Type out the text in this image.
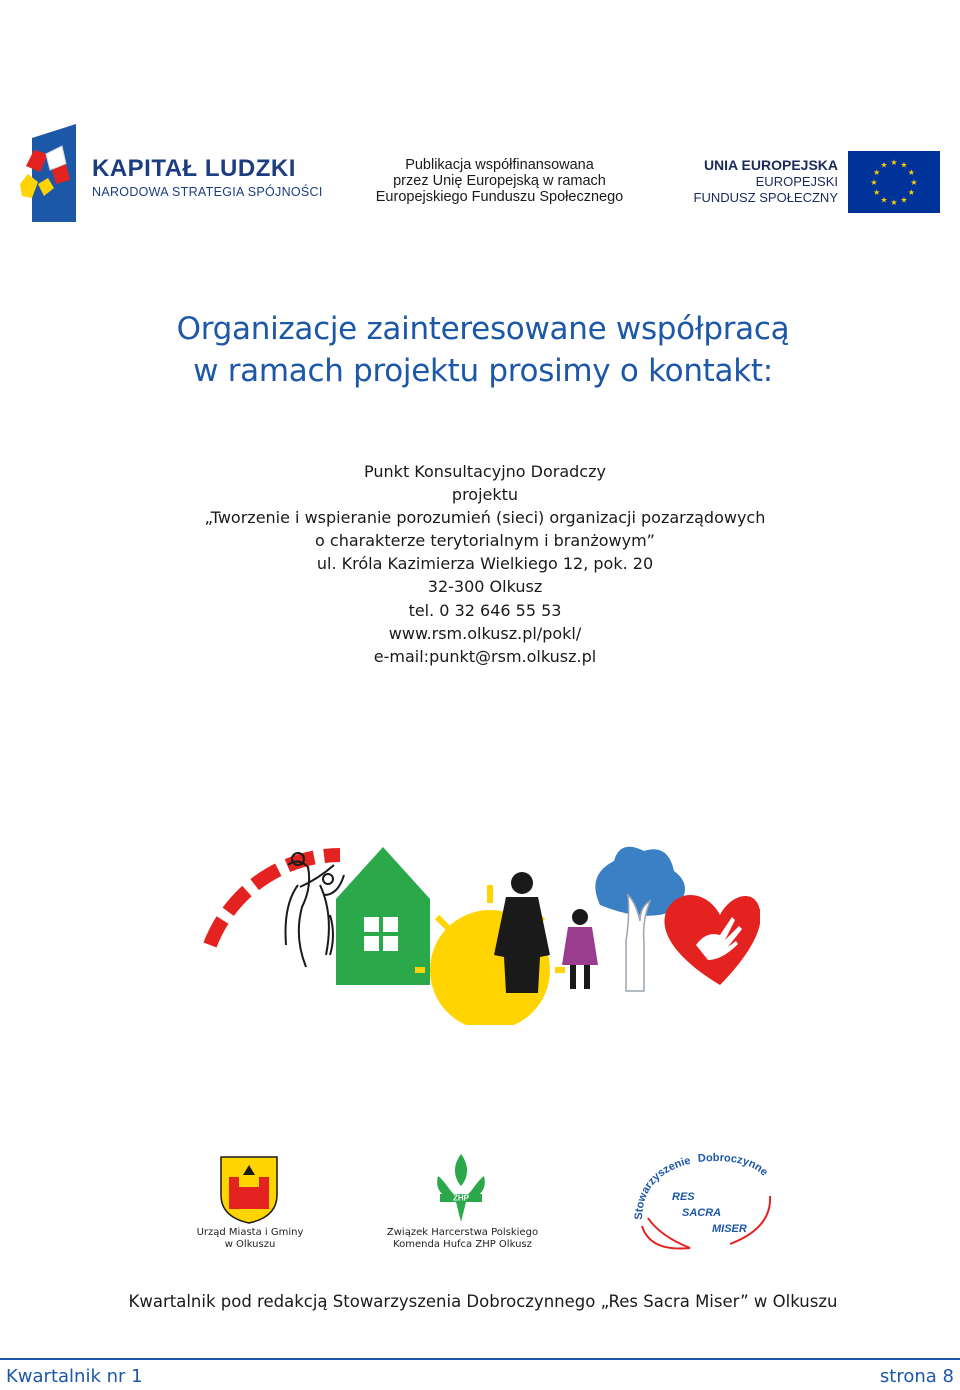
KAPITAŁ LUDZKI
NARODOWA STRATEGIA SPÓJNOŚCI
Publikacja współfinansowana
przez Unię Europejską w ramach
Europejskiego Funduszu Społecznego
UNIA EUROPEJSKA
EUROPEJSKI
FUNDUSZ SPOŁECZNY
★ ★
★
★
★
★
★
★
★
★
★
★
Organizacje zainteresowane współpracą
w ramach projektu prosimy o kontakt:
Punkt Konsultacyjno Doradczy
projektu
„Tworzenie i wspieranie porozumień (sieci) organizacji pozarządowych
o charakterze terytorialnym i branżowym”
ul. Króla Kazimierza Wielkiego 12, pok. 20
32-300 Olkusz
tel. 0 32 646 55 53
www.rsm.olkusz.pl/pokl/
e-mail:punkt@rsm.olkusz.pl
Urząd Miasta i Gminy
w Olkuszu
ZHP
Związek Harcerstwa Polskiego
Komenda Hufca ZHP Olkusz
Stowarzyszenie Dobroczynne
RES
SACRA
MISER
Kwartalnik pod redakcją Stowarzyszenia Dobroczynnego „Res Sacra Miser” w Olkuszu
Kwartalnik nr 1	strona 8
